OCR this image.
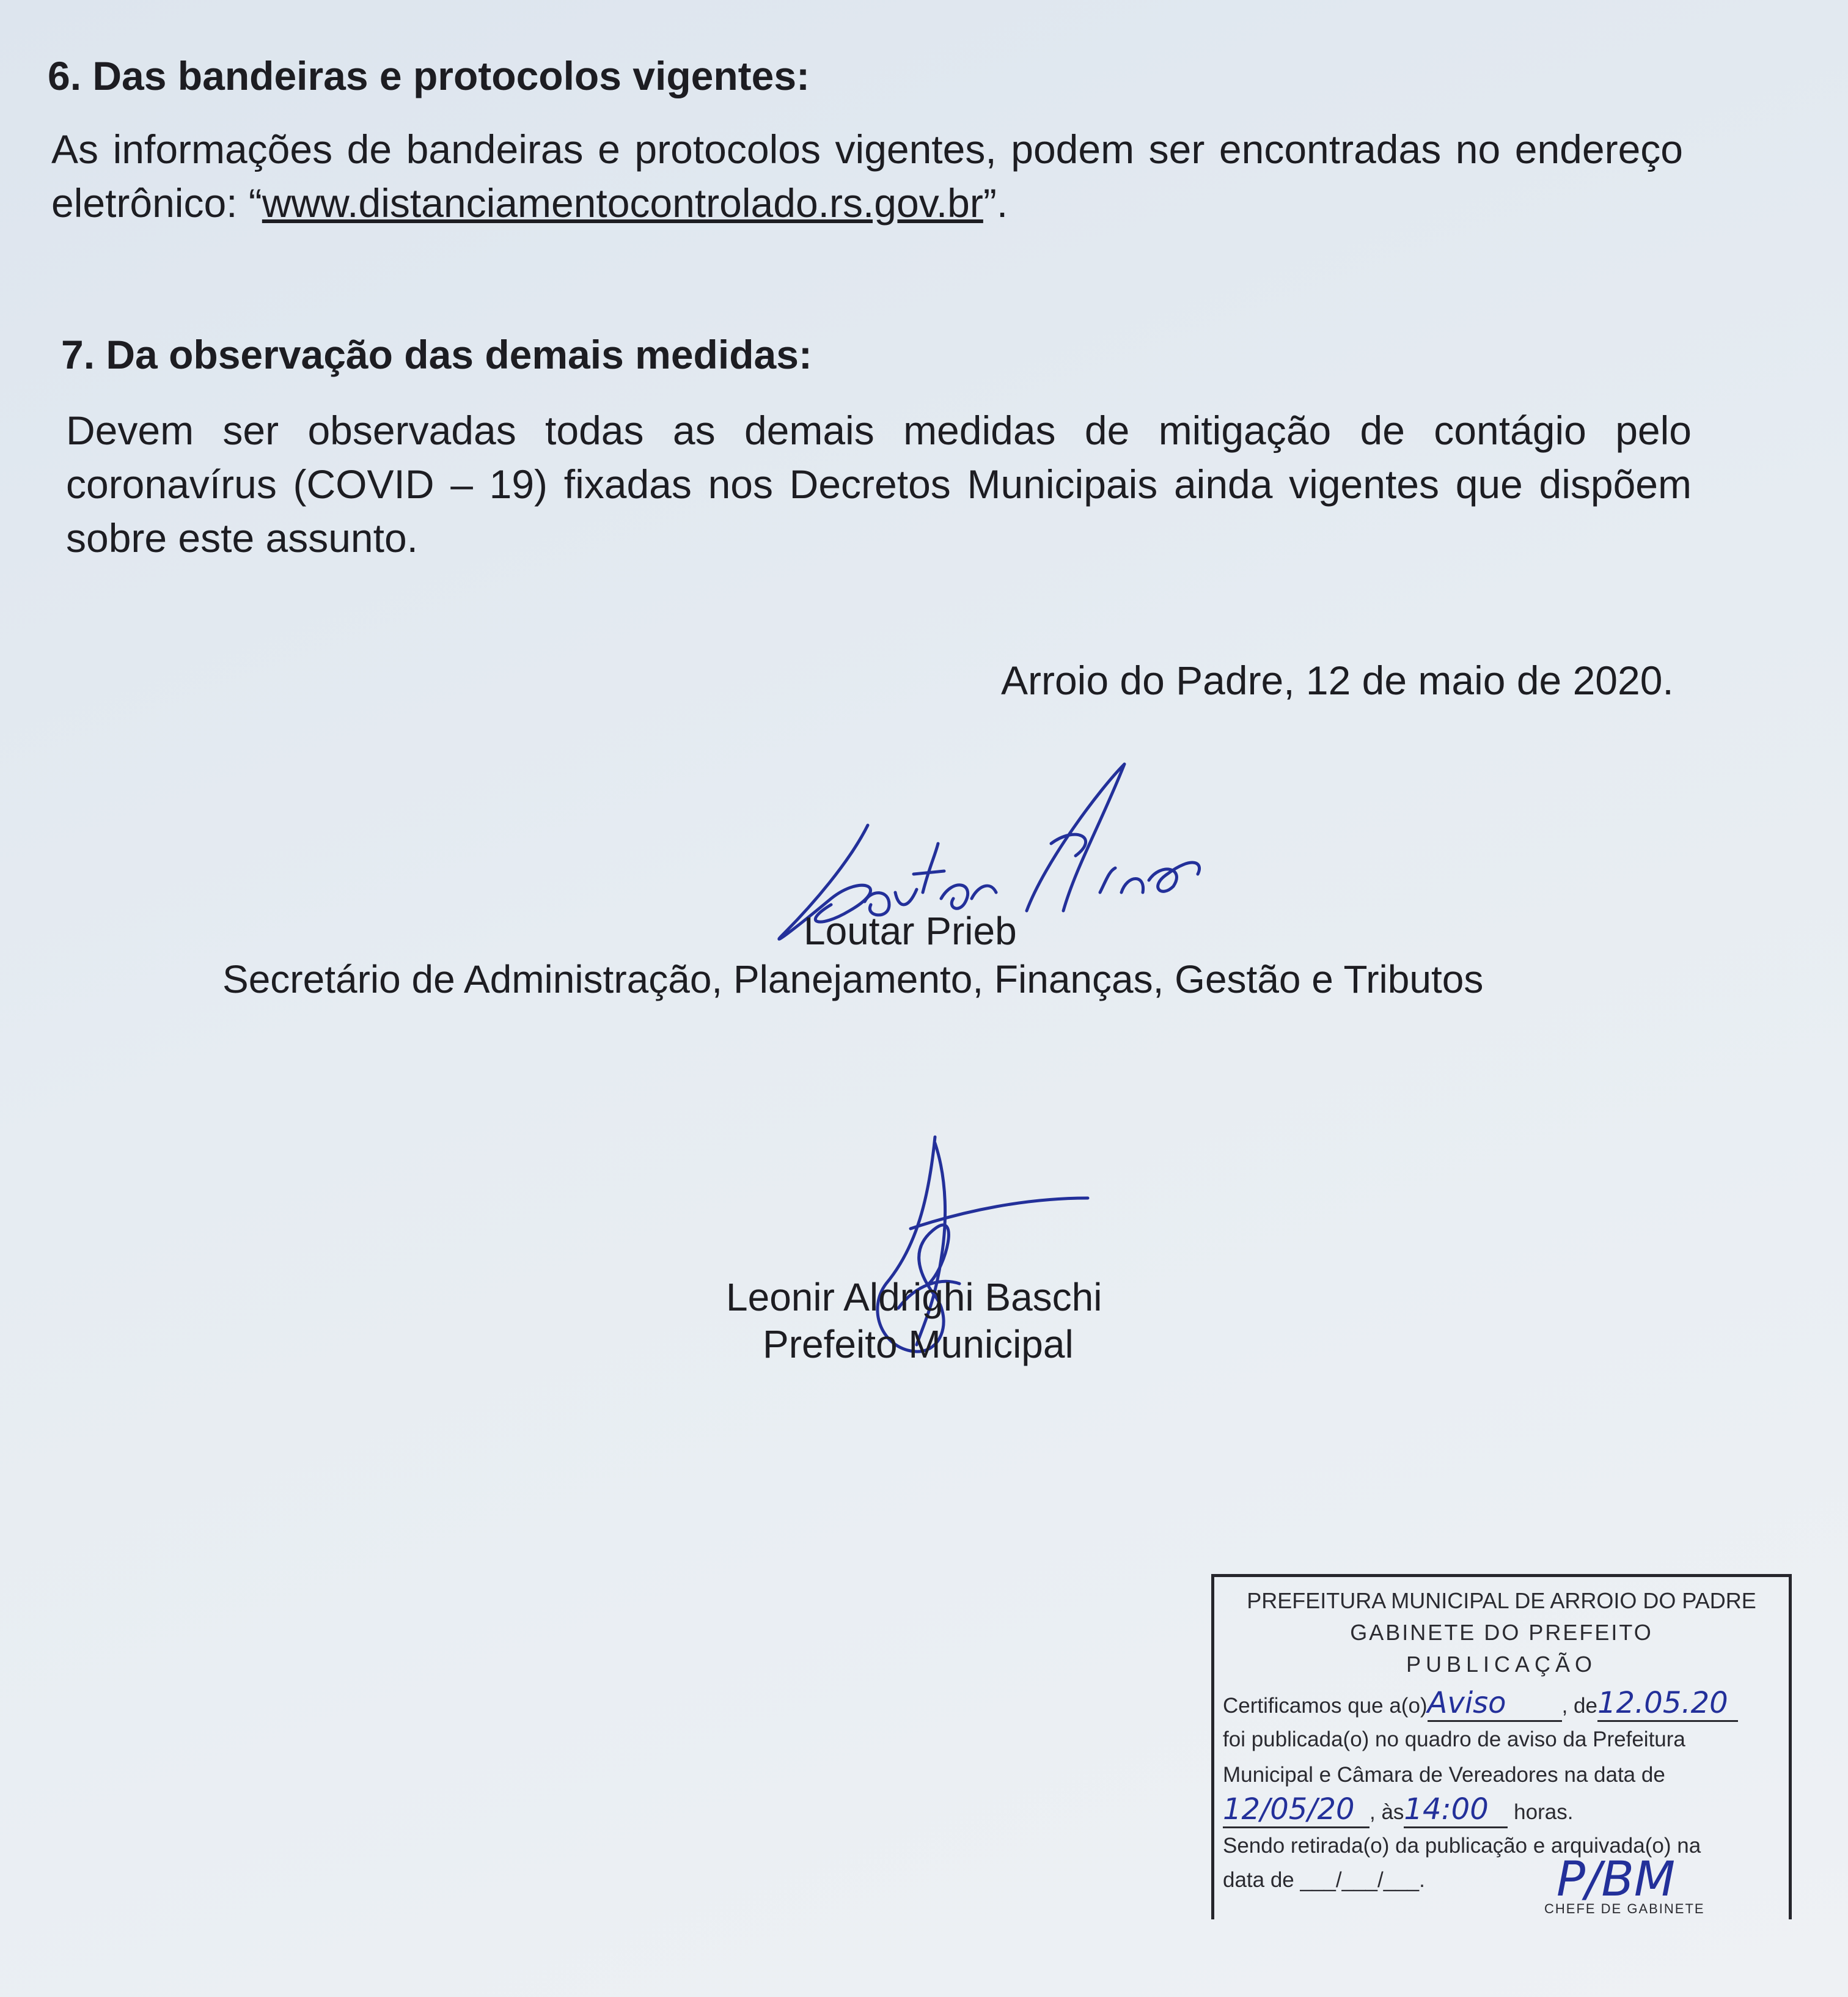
6. Das bandeiras e protocolos vigentes:
As informações de bandeiras e protocolos vigentes, podem ser encontradas no endereço eletrônico: “www.distanciamentocontrolado.rs.gov.br”.
7. Da observação das demais medidas:
Devem ser observadas todas as demais medidas de mitigação de contágio pelo coronavírus (COVID – 19) fixadas nos Decretos Municipais ainda vigentes que dispõem sobre este assunto.
Arroio do Padre, 12 de maio de 2020.
Loutar Prieb
Secretário de Administração, Planejamento, Finanças, Gestão e Tributos
Leonir Aldrighi Baschi
Prefeito Municipal
PREFEITURA MUNICIPAL DE ARROIO DO PADRE
GABINETE DO PREFEITO
PUBLICAÇÃO
Certificamos que a(o)Aviso	, de12.05.20
foi publicada(o) no quadro de aviso da Prefeitura
Municipal e Câmara de Vereadores na data de
12/05/20 , às14:00 horas.
Sendo retirada(o) da publicação e arquivada(o) na
data de ___/___/___.	P/BM
CHEFE DE GABINETE
